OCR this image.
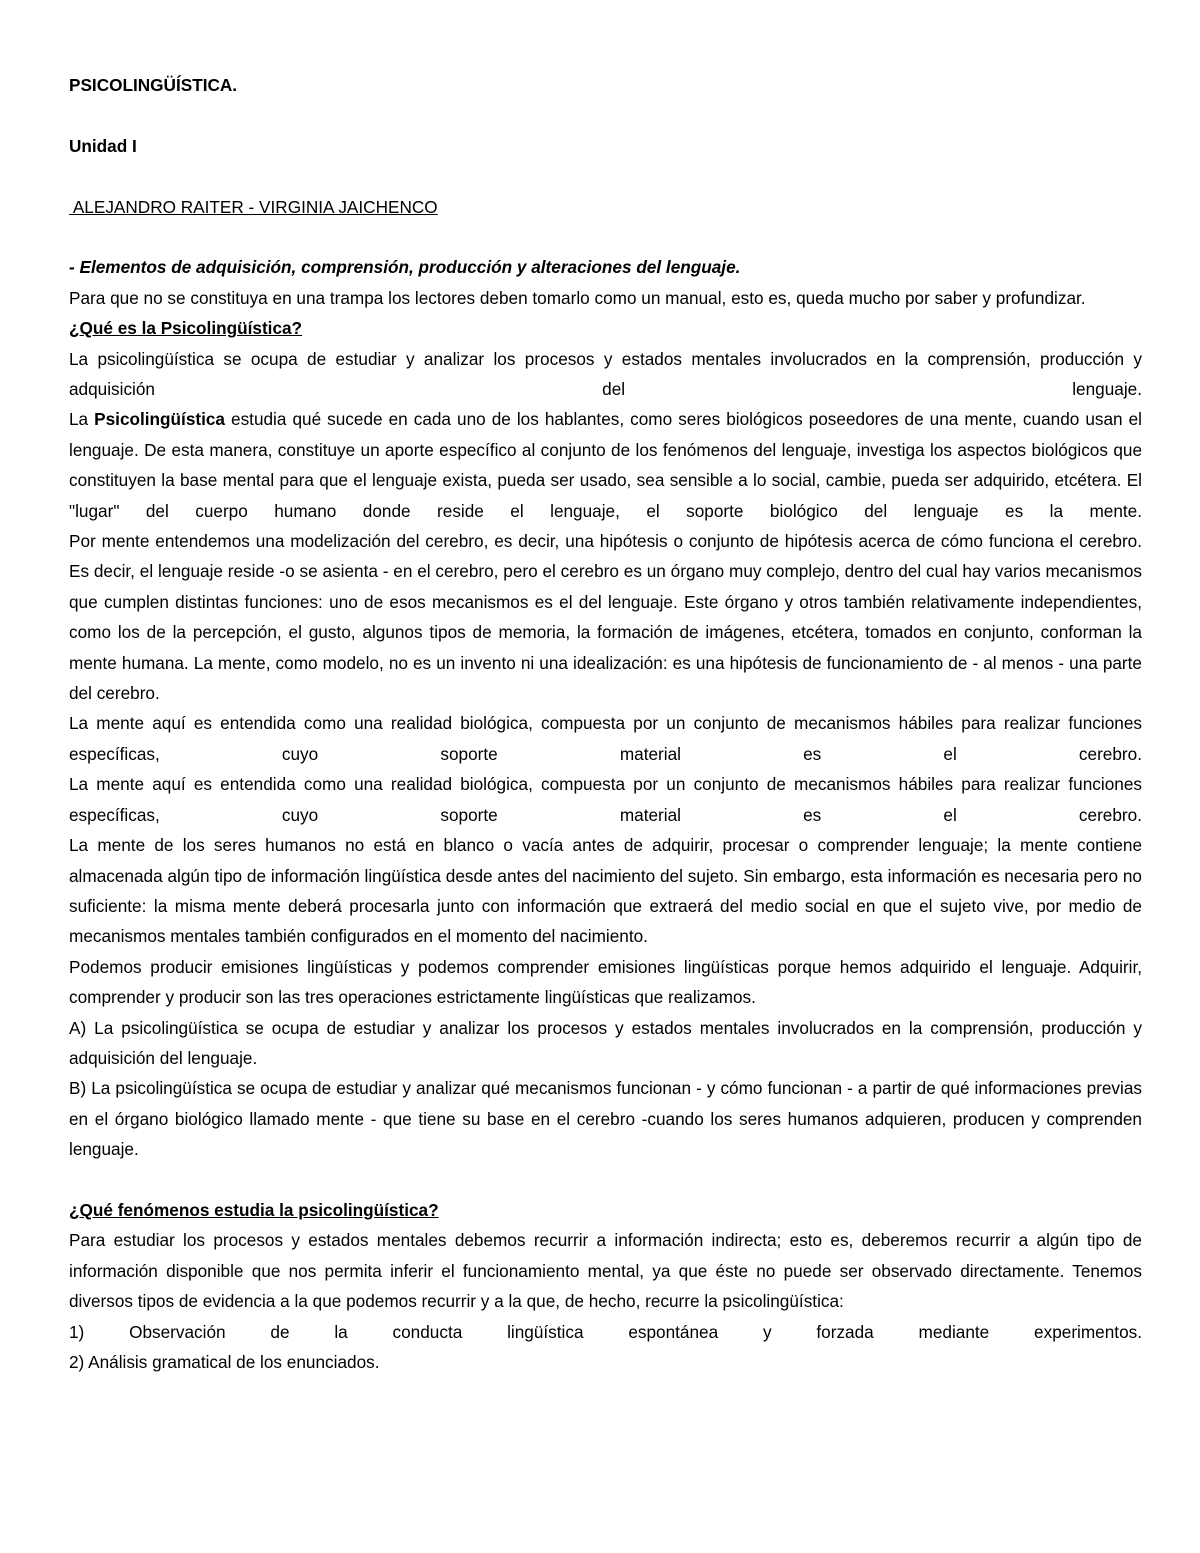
PSICOLINGÜÍSTICA.

Unidad I

ALEJANDRO RAITER - VIRGINIA JAICHENCO

- Elementos de adquisición, comprensión, producción y alteraciones del lenguaje.

Para que no se constituya en una trampa los lectores deben tomarlo como un manual, esto es, queda mucho por saber y profundizar.

¿Qué es la Psicolingüística?

La psicolingüística se ocupa de estudiar y analizar los procesos y estados mentales involucrados en la comprensión, producción y adquisición del lenguaje.

La Psicolingüística estudia qué sucede en cada uno de los hablantes, como seres biológicos poseedores de una mente, cuando usan el lenguaje. De esta manera, constituye un aporte específico al conjunto de los fenómenos del lenguaje, investiga los aspectos biológicos que constituyen la base mental para que el lenguaje exista, pueda ser usado, sea sensible a lo social, cambie, pueda ser adquirido, etcétera. El "lugar" del cuerpo humano donde reside el lenguaje, el soporte biológico del lenguaje es la mente.

Por mente entendemos una modelización del cerebro, es decir, una hipótesis o conjunto de hipótesis acerca de cómo funciona el cerebro. Es decir, el lenguaje reside -o se asienta - en el cerebro, pero el cerebro es un órgano muy complejo, dentro del cual hay varios mecanismos que cumplen distintas funciones: uno de esos mecanismos es el del lenguaje. Este órgano y otros también relativamente independientes, como los de la percepción, el gusto, algunos tipos de memoria, la formación de imágenes, etcétera, tomados en conjunto, conforman la mente humana. La mente, como modelo, no es un invento ni una idealización: es una hipótesis de funcionamiento de - al menos - una parte del cerebro.

La mente aquí es entendida como una realidad biológica, compuesta por un conjunto de mecanismos hábiles para realizar funciones específicas, cuyo soporte material es el cerebro.

La mente aquí es entendida como una realidad biológica, compuesta por un conjunto de mecanismos hábiles para realizar funciones específicas, cuyo soporte material es el cerebro.

La mente de los seres humanos no está en blanco o vacía antes de adquirir, procesar o comprender lenguaje; la mente contiene almacenada algún tipo de información lingüística desde antes del nacimiento del sujeto. Sin embargo, esta información es necesaria pero no suficiente: la misma mente deberá procesarla junto con información que extraerá del medio social en que el sujeto vive, por medio de mecanismos mentales también configurados en el momento del nacimiento.

Podemos producir emisiones lingüísticas y podemos comprender emisiones lingüísticas porque hemos adquirido el lenguaje. Adquirir, comprender y producir son las tres operaciones estrictamente lingüísticas que realizamos.

A) La psicolingüística se ocupa de estudiar y analizar los procesos y estados mentales involucrados en la comprensión, producción y adquisición del lenguaje.

B) La psicolingüística se ocupa de estudiar y analizar qué mecanismos funcionan - y cómo funcionan - a partir de qué informaciones previas en el órgano biológico llamado mente - que tiene su base en el cerebro -cuando los seres humanos adquieren, producen y comprenden lenguaje.

¿Qué fenómenos estudia la psicolingüística?

Para estudiar los procesos y estados mentales debemos recurrir a información indirecta; esto es, deberemos recurrir a algún tipo de información disponible que nos permita inferir el funcionamiento mental, ya que éste no puede ser observado directamente. Tenemos diversos tipos de evidencia a la que podemos recurrir y a la que, de hecho, recurre la psicolingüística:

1) Observación de la conducta lingüística espontánea y forzada mediante experimentos.

2) Análisis gramatical de los enunciados.
